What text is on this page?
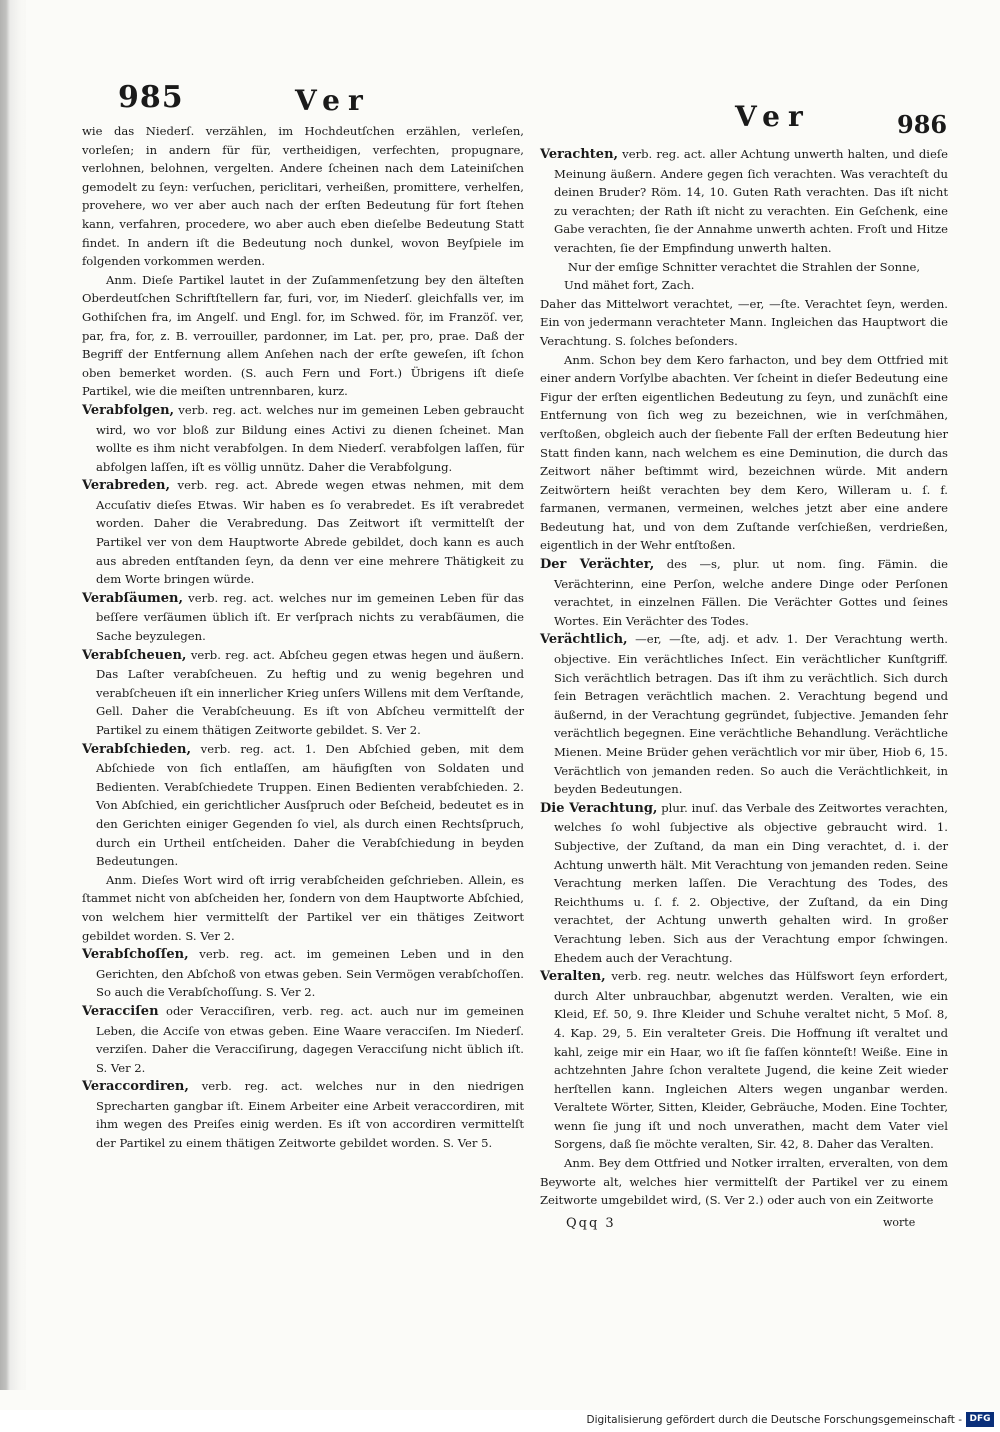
985	Ver	Ver	986

wie das Niederſ. verzählen, im Hochdeutſchen erzählen, verleſen, vorleſen; in andern für für, vertheidigen, verfechten, propugnare, verlohnen, belohnen, vergelten. Andere ſcheinen nach dem Lateiniſchen gemodelt zu ſeyn: verſuchen, periclitari, verheißen, promittere, verhelfen, provehere, wo ver aber auch nach der erſten Bedeutung für fort ſtehen kann, verfahren, procedere, wo aber auch eben dieſelbe Bedeutung Statt findet. In andern iſt die Bedeutung noch dunkel, wovon Beyſpiele im folgenden vorkommen werden.

Anm. Dieſe Partikel lautet in der Zuſammenſetzung bey den älteſten Oberdeutſchen Schriftſtellern far, furi, vor, im Niederſ. gleichfalls ver, im Gothiſchen fra, im Angelſ. und Engl. for, im Schwed. för, im Franzöſ. ver, par, fra, for, z. B. verrouiller, pardonner, im Lat. per, pro, prae. Daß der Begriff der Entfernung allem Anſehen nach der erſte geweſen, iſt ſchon oben bemerket worden. (S. auch Fern und Fort.) Übrigens iſt dieſe Partikel, wie die meiſten untrennbaren, kurz.

Verabfolgen, verb. reg. act. welches nur im gemeinen Leben gebraucht wird, wo vor bloß zur Bildung eines Activi zu dienen ſcheinet. Man wollte es ihm nicht verabfolgen. In dem Niederſ. verabfolgen laſſen, für abfolgen laſſen, iſt es völlig unnütz. Daher die Verabfolgung.

Verabreden, verb. reg. act. Abrede wegen etwas nehmen, mit dem Accuſativ dieſes Etwas. Wir haben es ſo verabredet. Es iſt verabredet worden. Daher die Verabredung. Das Zeitwort iſt vermittelſt der Partikel ver von dem Hauptworte Abrede gebildet, doch kann es auch aus abreden entſtanden ſeyn, da denn ver eine mehrere Thätigkeit zu dem Worte bringen würde.

Verabſäumen, verb. reg. act. welches nur im gemeinen Leben für das beſſere verſäumen üblich iſt. Er verſprach nichts zu verabſäumen, die Sache beyzulegen.

Verabſcheuen, verb. reg. act. Abſcheu gegen etwas hegen und äußern. Das Laſter verabſcheuen. Zu heftig und zu wenig begehren und verabſcheuen iſt ein innerlicher Krieg unſers Willens mit dem Verſtande, Gell. Daher die Verabſcheuung. Es iſt von Abſcheu vermittelſt der Partikel zu einem thätigen Zeitworte gebildet. S. Ver 2.

Verabſchieden, verb. reg. act. 1. Den Abſchied geben, mit dem Abſchiede von ſich entlaſſen, am häufigſten von Soldaten und Bedienten. Verabſchiedete Truppen. Einen Bedienten verabſchieden. 2. Von Abſchied, ein gerichtlicher Ausſpruch oder Beſcheid, bedeutet es in den Gerichten einiger Gegenden ſo viel, als durch einen Rechtsſpruch, durch ein Urtheil entſcheiden. Daher die Verabſchiedung in beyden Bedeutungen.

Anm. Dieſes Wort wird oft irrig verabſcheiden geſchrieben. Allein, es ſtammet nicht von abſcheiden her, ſondern von dem Hauptworte Abſchied, von welchem hier vermittelſt der Partikel ver ein thätiges Zeitwort gebildet worden. S. Ver 2.

Verabſchoſſen, verb. reg. act. im gemeinen Leben und in den Gerichten, den Abſchoß von etwas geben. Sein Vermögen verabſchoſſen. So auch die Verabſchoſſung. S. Ver 2.

Veracciſen oder Veracciſiren, verb. reg. act. auch nur im gemeinen Leben, die Acciſe von etwas geben. Eine Waare veracciſen. Im Niederſ. verziſen. Daher die Veracciſirung, dagegen Veracciſung nicht üblich iſt. S. Ver 2.

Veraccordiren, verb. reg. act. welches nur in den niedrigen Sprecharten gangbar iſt. Einem Arbeiter eine Arbeit veraccordiren, mit ihm wegen des Preiſes einig werden. Es iſt von accordiren vermittelſt der Partikel zu einem thätigen Zeitworte gebildet worden. S. Ver 5.

Verachten, verb. reg. act. aller Achtung unwerth halten, und dieſe Meinung äußern. Andere gegen ſich verachten. Was verachteſt du deinen Bruder? Röm. 14, 10. Guten Rath verachten. Das iſt nicht zu verachten; der Rath iſt nicht zu verachten. Ein Geſchenk, eine Gabe verachten, ſie der Annahme unwerth achten. Froſt und Hitze verachten, ſie der Empfindung unwerth halten.

Nur der emſige Schnitter verachtet die Strahlen der Sonne,

Und mähet fort, Zach.

Daher das Mittelwort verachtet, —er, —ſte. Verachtet ſeyn, werden. Ein von jedermann verachteter Mann. Ingleichen das Hauptwort die Verachtung. S. ſolches beſonders.

Anm. Schon bey dem Kero farhacton, und bey dem Ottfried mit einer andern Vorſylbe abachten. Ver ſcheint in dieſer Bedeutung eine Figur der erſten eigentlichen Bedeutung zu ſeyn, und zunächſt eine Entfernung von ſich weg zu bezeichnen, wie in verſchmähen, verſtoßen, obgleich auch der ſiebente Fall der erſten Bedeutung hier Statt finden kann, nach welchem es eine Deminution, die durch das Zeitwort näher beſtimmt wird, bezeichnen würde. Mit andern Zeitwörtern heißt verachten bey dem Kero, Willeram u. ſ. f. farmanen, vermanen, vermeinen, welches jetzt aber eine andere Bedeutung hat, und von dem Zuſtande verſchießen, verdrießen, eigentlich in der Wehr entſtoßen.

Der Verächter, des —s, plur. ut nom. ſing. Fämin. die Verächterinn, eine Perſon, welche andere Dinge oder Perſonen verachtet, in einzelnen Fällen. Die Verächter Gottes und ſeines Wortes. Ein Verächter des Todes.

Verächtlich, —er, —ſte, adj. et adv. 1. Der Verachtung werth. objective. Ein verächtliches Inſect. Ein verächtlicher Kunſtgriff. Sich verächtlich betragen. Das iſt ihm zu verächtlich. Sich durch ſein Betragen verächtlich machen. 2. Verachtung begend und äußernd, in der Verachtung gegründet, ſubjective. Jemanden ſehr verächtlich begegnen. Eine verächtliche Behandlung. Verächtliche Mienen. Meine Brüder gehen verächtlich vor mir über, Hiob 6, 15. Verächtlich von jemanden reden. So auch die Verächtlichkeit, in beyden Bedeutungen.

Die Verachtung, plur. inuſ. das Verbale des Zeitwortes verachten, welches ſo wohl ſubjective als objective gebraucht wird. 1. Subjective, der Zuſtand, da man ein Ding verachtet, d. i. der Achtung unwerth hält. Mit Verachtung von jemanden reden. Seine Verachtung merken laſſen. Die Verachtung des Todes, des Reichthums u. ſ. f. 2. Objective, der Zuſtand, da ein Ding verachtet, der Achtung unwerth gehalten wird. In großer Verachtung leben. Sich aus der Verachtung empor ſchwingen. Ehedem auch der Verachtung.

Veralten, verb. reg. neutr. welches das Hülfswort ſeyn erfordert, durch Alter unbrauchbar, abgenutzt werden. Veralten, wie ein Kleid, Ef. 50, 9. Ihre Kleider und Schuhe veraltet nicht, 5 Moſ. 8, 4. Kap. 29, 5. Ein veralteter Greis. Die Hoffnung iſt veraltet und kahl, zeige mir ein Haar, wo iſt ſie faſſen könnteſt! Weiße. Eine in achtzehnten Jahre ſchon veraltete Jugend, die keine Zeit wieder herſtellen kann. Ingleichen Alters wegen unganbar werden. Veraltete Wörter, Sitten, Kleider, Gebräuche, Moden. Eine Tochter, wenn ſie jung iſt und noch unverathen, macht dem Vater viel Sorgens, daß ſie möchte veralten, Sir. 42, 8. Daher das Veralten.

Anm. Bey dem Ottfried und Notker irralten, erveralten, von dem Beyworte alt, welches hier vermittelſt der Partikel ver zu einem Zeitworte umgebildet wird, (S. Ver 2.) oder auch von ein Zeitworte

Qqq 3	worte
Digitalisierung gefördert durch die Deutsche Forschungsgemeinschaft - DFG
